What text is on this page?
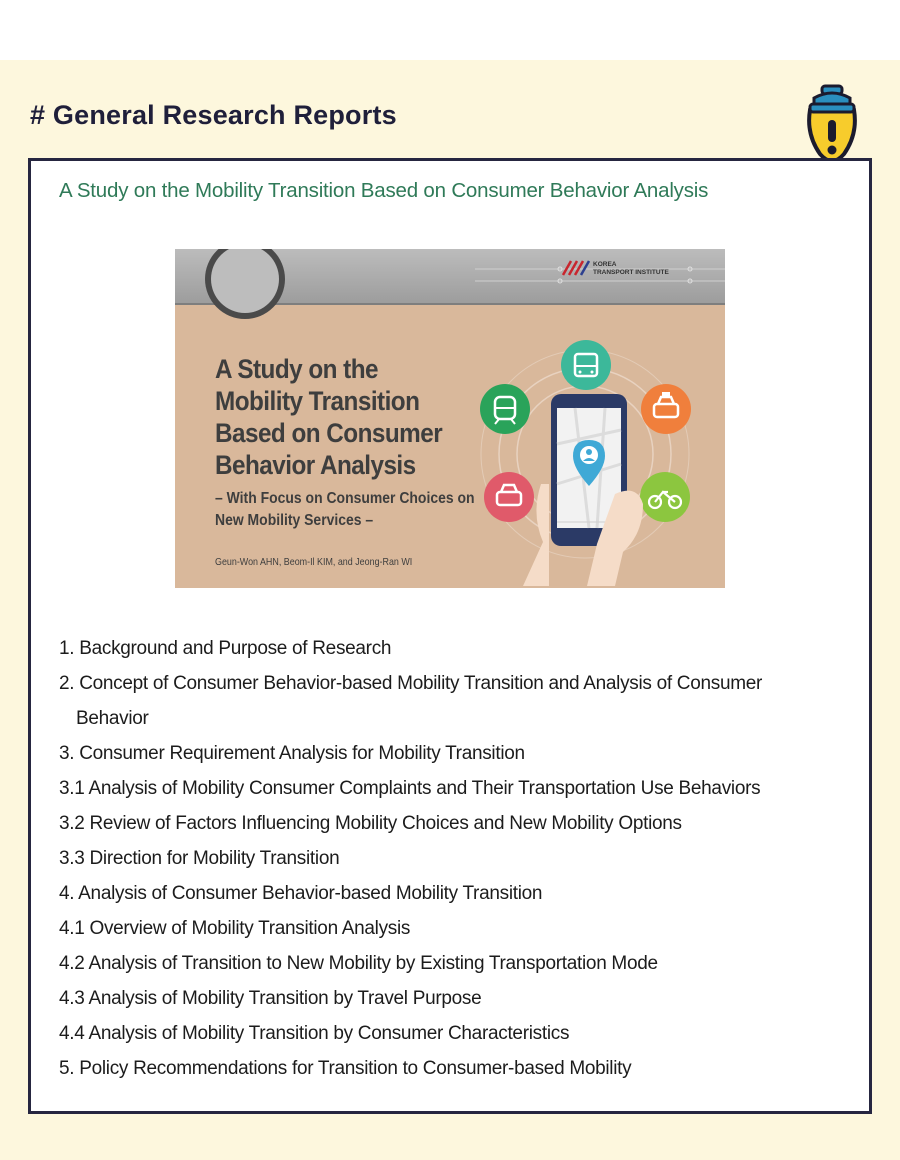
# General Research Reports
A Study on the Mobility Transition Based on Consumer Behavior Analysis
KOREA
TRANSPORT INSTITUTE
A Study on the Mobility Transition Based on Consumer Behavior Analysis
– With Focus on Consumer Choices on New Mobility Services –
Geun-Won AHN, Beom-Il KIM, and Jeong-Ran WI
1. Background and Purpose of Research
2. Concept of Consumer Behavior-based Mobility Transition and Analysis of Consumer
Behavior
3. Consumer Requirement Analysis for Mobility Transition
3.1 Analysis of Mobility Consumer Complaints and Their Transportation Use Behaviors
3.2 Review of Factors Influencing Mobility Choices and New Mobility Options
3.3 Direction for Mobility Transition
4. Analysis of Consumer Behavior-based Mobility Transition
4.1 Overview of Mobility Transition Analysis
4.2 Analysis of Transition to New Mobility by Existing Transportation Mode
4.3 Analysis of Mobility Transition by Travel Purpose
4.4 Analysis of Mobility Transition by Consumer Characteristics
5. Policy Recommendations for Transition to Consumer-based Mobility
